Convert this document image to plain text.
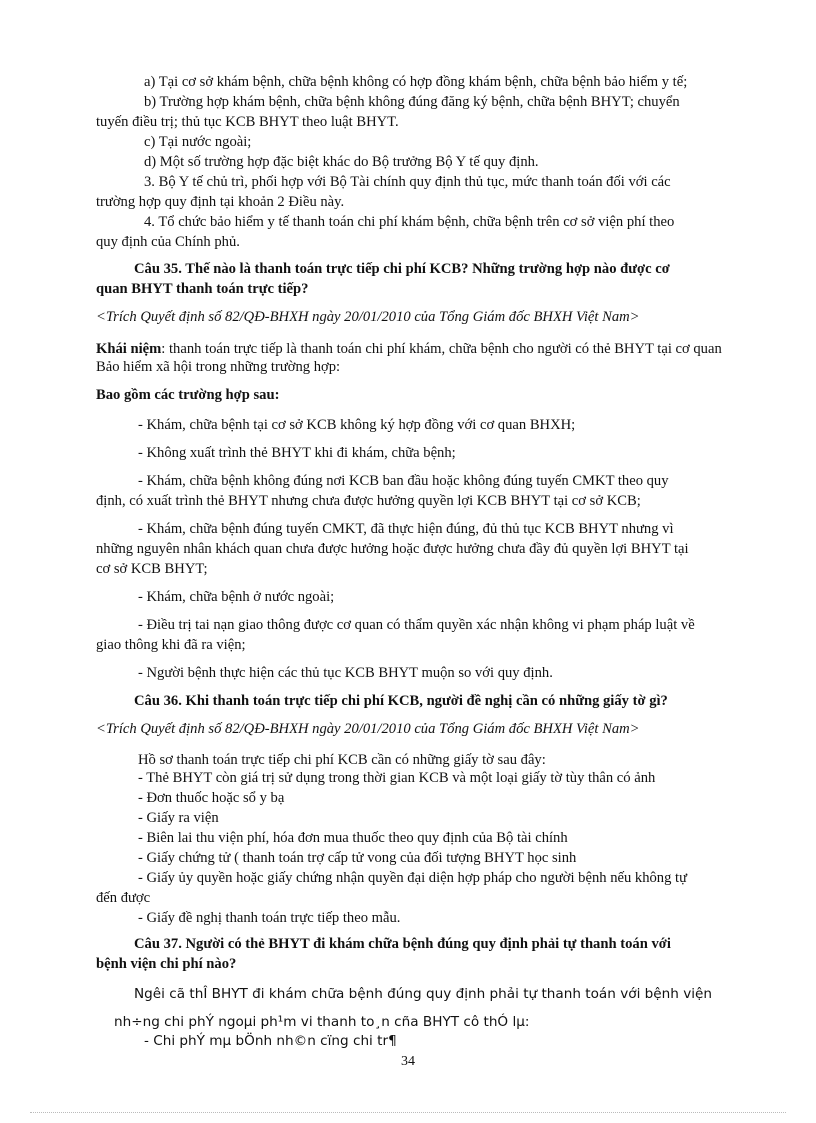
a) Tại cơ sở khám bệnh, chữa bệnh không có hợp đồng khám bệnh, chữa bệnh bảo hiểm y tế;
b) Trường hợp khám bệnh, chữa bệnh không đúng đăng ký bệnh, chữa bệnh BHYT; chuyển
tuyến điều trị; thủ tục KCB BHYT theo luật BHYT.
c) Tại nước ngoài;
d) Một số trường hợp đặc biệt khác do Bộ trưởng Bộ Y tế quy định.
3. Bộ Y tế chủ trì, phối hợp với Bộ Tài chính quy định thủ tục, mức thanh toán đối với các
trường hợp quy định tại khoản 2 Điều này.
4. Tổ chức bảo hiểm y tế thanh toán chi phí khám bệnh, chữa bệnh trên cơ sở viện phí theo
quy định của Chính phủ.
Câu 35. Thế nào là thanh toán trực tiếp chi phí KCB? Những trường hợp nào được cơ
quan BHYT thanh toán trực tiếp?
<Trích Quyết định số 82/QĐ-BHXH ngày 20/01/2010 của Tổng Giám đốc BHXH Việt Nam>
Khái niệm: thanh toán trực tiếp là thanh toán chi phí khám, chữa bệnh cho người có thẻ BHYT tại cơ quan
Bảo hiểm xã hội trong những trường hợp:
Bao gồm các trường hợp sau:
- Khám, chữa bệnh tại cơ sở KCB không ký hợp đồng với cơ quan BHXH;
- Không xuất trình thẻ BHYT khi đi khám, chữa bệnh;
- Khám, chữa bệnh không đúng nơi KCB ban đầu hoặc không đúng tuyến CMKT theo quy
định, có xuất trình thẻ BHYT nhưng chưa được hưởng quyền lợi KCB BHYT tại cơ sở KCB;
- Khám, chữa bệnh đúng tuyến CMKT, đã thực hiện đúng, đủ thủ tục KCB BHYT nhưng vì
những nguyên nhân khách quan chưa được hưởng hoặc được hưởng chưa đầy đủ quyền lợi BHYT tại
cơ sở KCB BHYT;
- Khám, chữa bệnh ở nước ngoài;
- Điều trị tai nạn giao thông được cơ quan có thẩm quyền xác nhận không vi phạm pháp luật về
giao thông khi đã ra viện;
- Người bệnh thực hiện các thủ tục KCB BHYT muộn so với quy định.
Câu 36. Khi thanh toán trực tiếp chi phí KCB, người đề nghị cần có những giấy tờ gì?
<Trích Quyết định số 82/QĐ-BHXH ngày 20/01/2010 của Tổng Giám đốc BHXH Việt Nam>
Hồ sơ thanh toán trực tiếp chi phí KCB cần có những giấy tờ sau đây:
- Thẻ BHYT còn giá trị sử dụng trong thời gian KCB và một loại giấy tờ tùy thân có ảnh
- Đơn thuốc hoặc sổ y bạ
- Giấy ra viện
- Biên lai thu viện phí, hóa đơn mua thuốc theo quy định của Bộ tài chính
- Giấy chứng tử ( thanh toán trợ cấp tử vong của đối tượng BHYT học sinh
- Giấy ủy quyền hoặc giấy chứng nhận quyền đại diện hợp pháp cho người bệnh nếu không tự
đến được
- Giấy đề nghị thanh toán trực tiếp theo mẫu.
Câu 37. Người có thẻ BHYT đi khám chữa bệnh đúng quy định phải tự thanh toán với
bệnh viện chi phí nào?
Ngêi cã thÎ BHYT đi khám chữa bệnh đúng quy định phải tự thanh toán với bệnh viện
nh÷ng chi phÝ ngoµi ph¹m vi thanh to¸n cña BHYT cô thÓ lµ:
- Chi phÝ mµ bÖnh nh©n cïng chi tr¶
34
